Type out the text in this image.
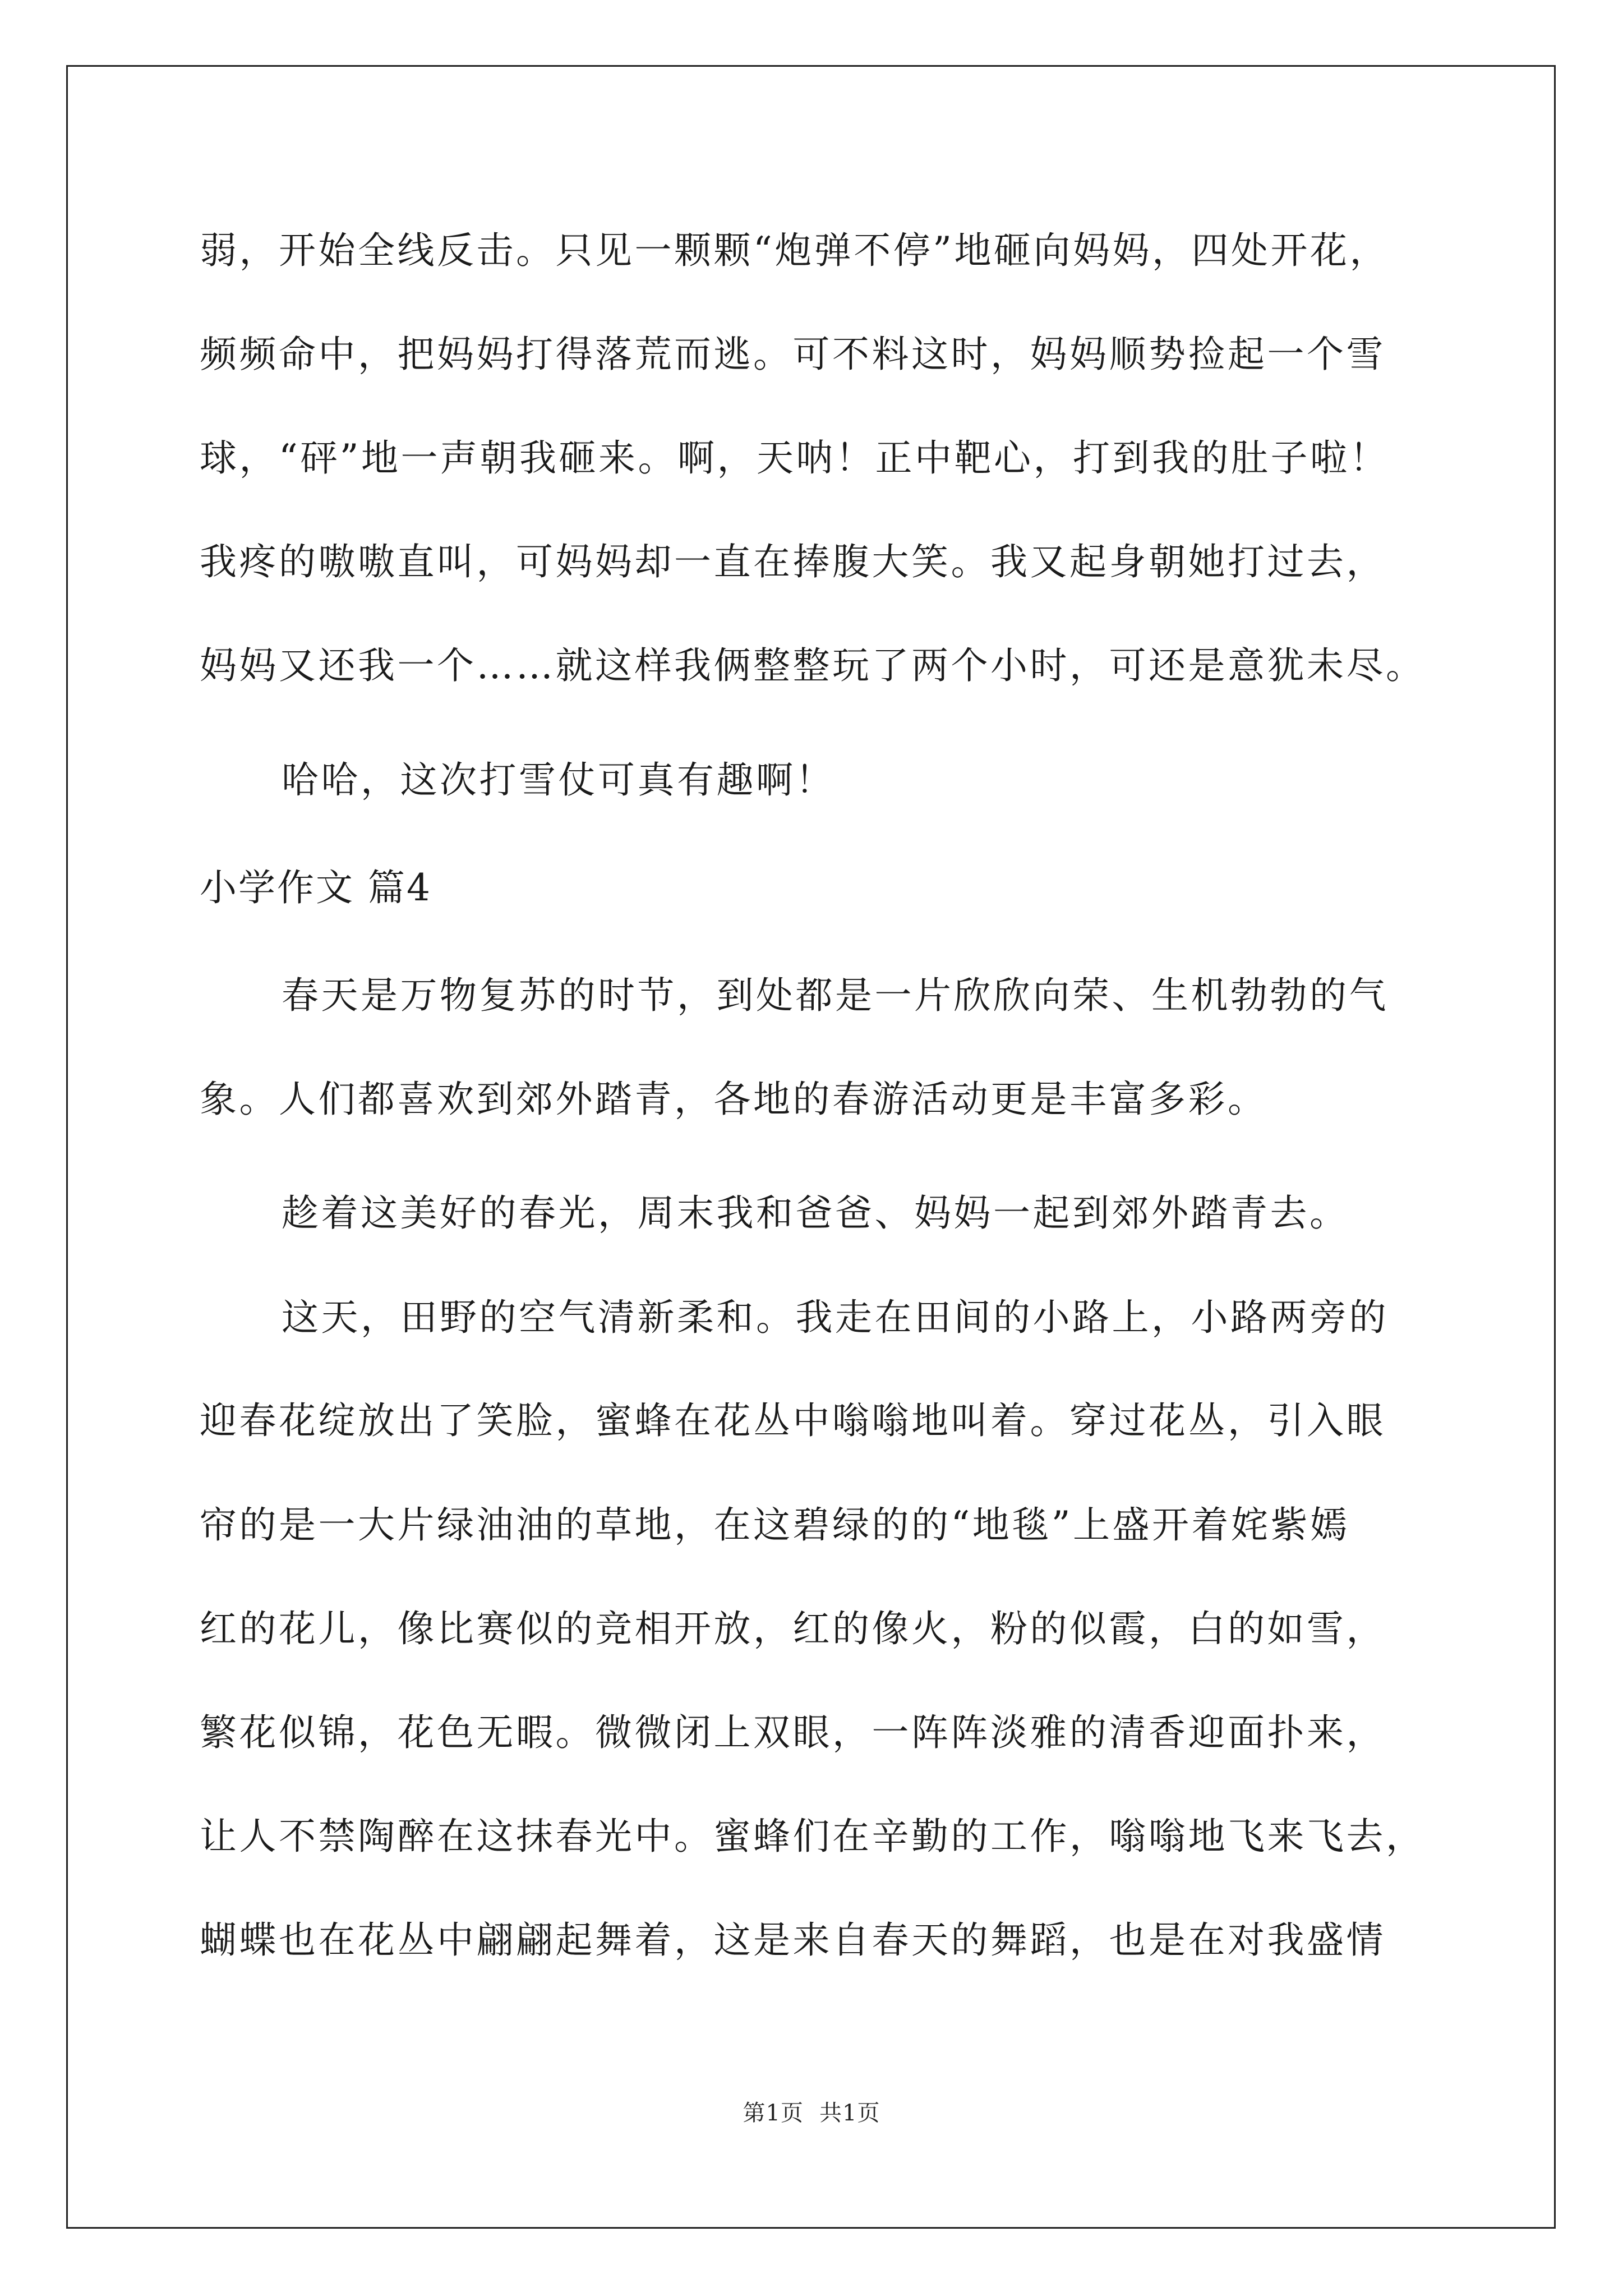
弱，开始全线反击。只见一颗颗“炮弹不停”地砸向妈妈，四处开花，
频频命中，把妈妈打得落荒而逃。可不料这时，妈妈顺势捡起一个雪
球，“砰”地一声朝我砸来。啊，天呐！正中靶心，打到我的肚子啦！
我疼的嗷嗷直叫，可妈妈却一直在捧腹大笑。我又起身朝她打过去，
妈妈又还我一个……就这样我俩整整玩了两个小时，可还是意犹未尽。
哈哈，这次打雪仗可真有趣啊！
小学作文 篇4
春天是万物复苏的时节，到处都是一片欣欣向荣、生机勃勃的气
象。人们都喜欢到郊外踏青，各地的春游活动更是丰富多彩。
趁着这美好的春光，周末我和爸爸、妈妈一起到郊外踏青去。
这天，田野的空气清新柔和。我走在田间的小路上，小路两旁的
迎春花绽放出了笑脸，蜜蜂在花丛中嗡嗡地叫着。穿过花丛，引入眼
帘的是一大片绿油油的草地，在这碧绿的的“地毯”上盛开着姹紫嫣
红的花儿，像比赛似的竞相开放，红的像火，粉的似霞，白的如雪，
繁花似锦，花色无暇。微微闭上双眼，一阵阵淡雅的清香迎面扑来，
让人不禁陶醉在这抹春光中。蜜蜂们在辛勤的工作，嗡嗡地飞来飞去，
蝴蝶也在花丛中翩翩起舞着，这是来自春天的舞蹈，也是在对我盛情
第1页 共1页
